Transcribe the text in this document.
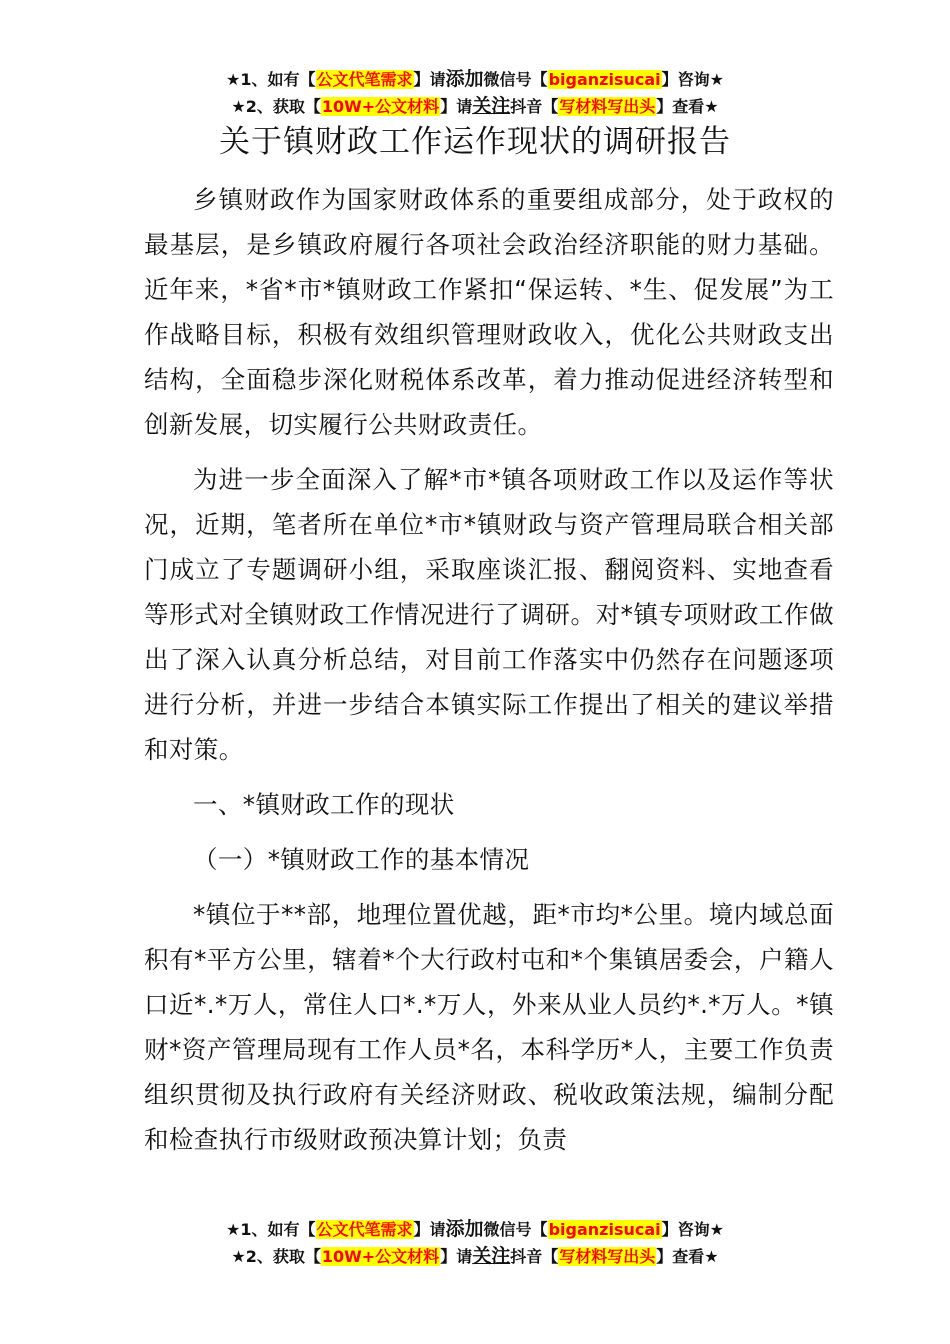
★1、如有【公文代笔需求】请添加微信号【biganzisucai】咨询★
★2、获取【10W+公文材料】请关注抖音【写材料写出头】查看★
关于镇财政工作运作现状的调研报告

乡镇财政作为国家财政体系的重要组成部分，处于政权的最基层，是乡镇政府履行各项社会政治经济职能的财力基础。近年来，*省*市*镇财政工作紧扣“保运转、*生、促发展”为工作战略目标，积极有效组织管理财政收入，优化公共财政支出结构，全面稳步深化财税体系改革，着力推动促进经济转型和创新发展，切实履行公共财政责任。

为进一步全面深入了解*市*镇各项财政工作以及运作等状况，近期，笔者所在单位*市*镇财政与资产管理局联合相关部门成立了专题调研小组，采取座谈汇报、翻阅资料、实地查看等形式对全镇财政工作情况进行了调研。对*镇专项财政工作做出了深入认真分析总结，对目前工作落实中仍然存在问题逐项进行分析，并进一步结合本镇实际工作提出了相关的建议举措和对策。

一、*镇财政工作的现状

（一）*镇财政工作的基本情况

*镇位于**部，地理位置优越，距*市均*公里。境内域总面积有*平方公里，辖着*个大行政村屯和*个集镇居委会，户籍人口近*.*万人，常住人口*.*万人，外来从业人员约*.*万人。*镇财*资产管理局现有工作人员*名，本科学历*人，主要工作负责组织贯彻及执行政府有关经济财政、税收政策法规，编制分配和检查执行市级财政预决算计划；负责

★1、如有【公文代笔需求】请添加微信号【biganzisucai】咨询★
★2、获取【10W+公文材料】请关注抖音【写材料写出头】查看★
